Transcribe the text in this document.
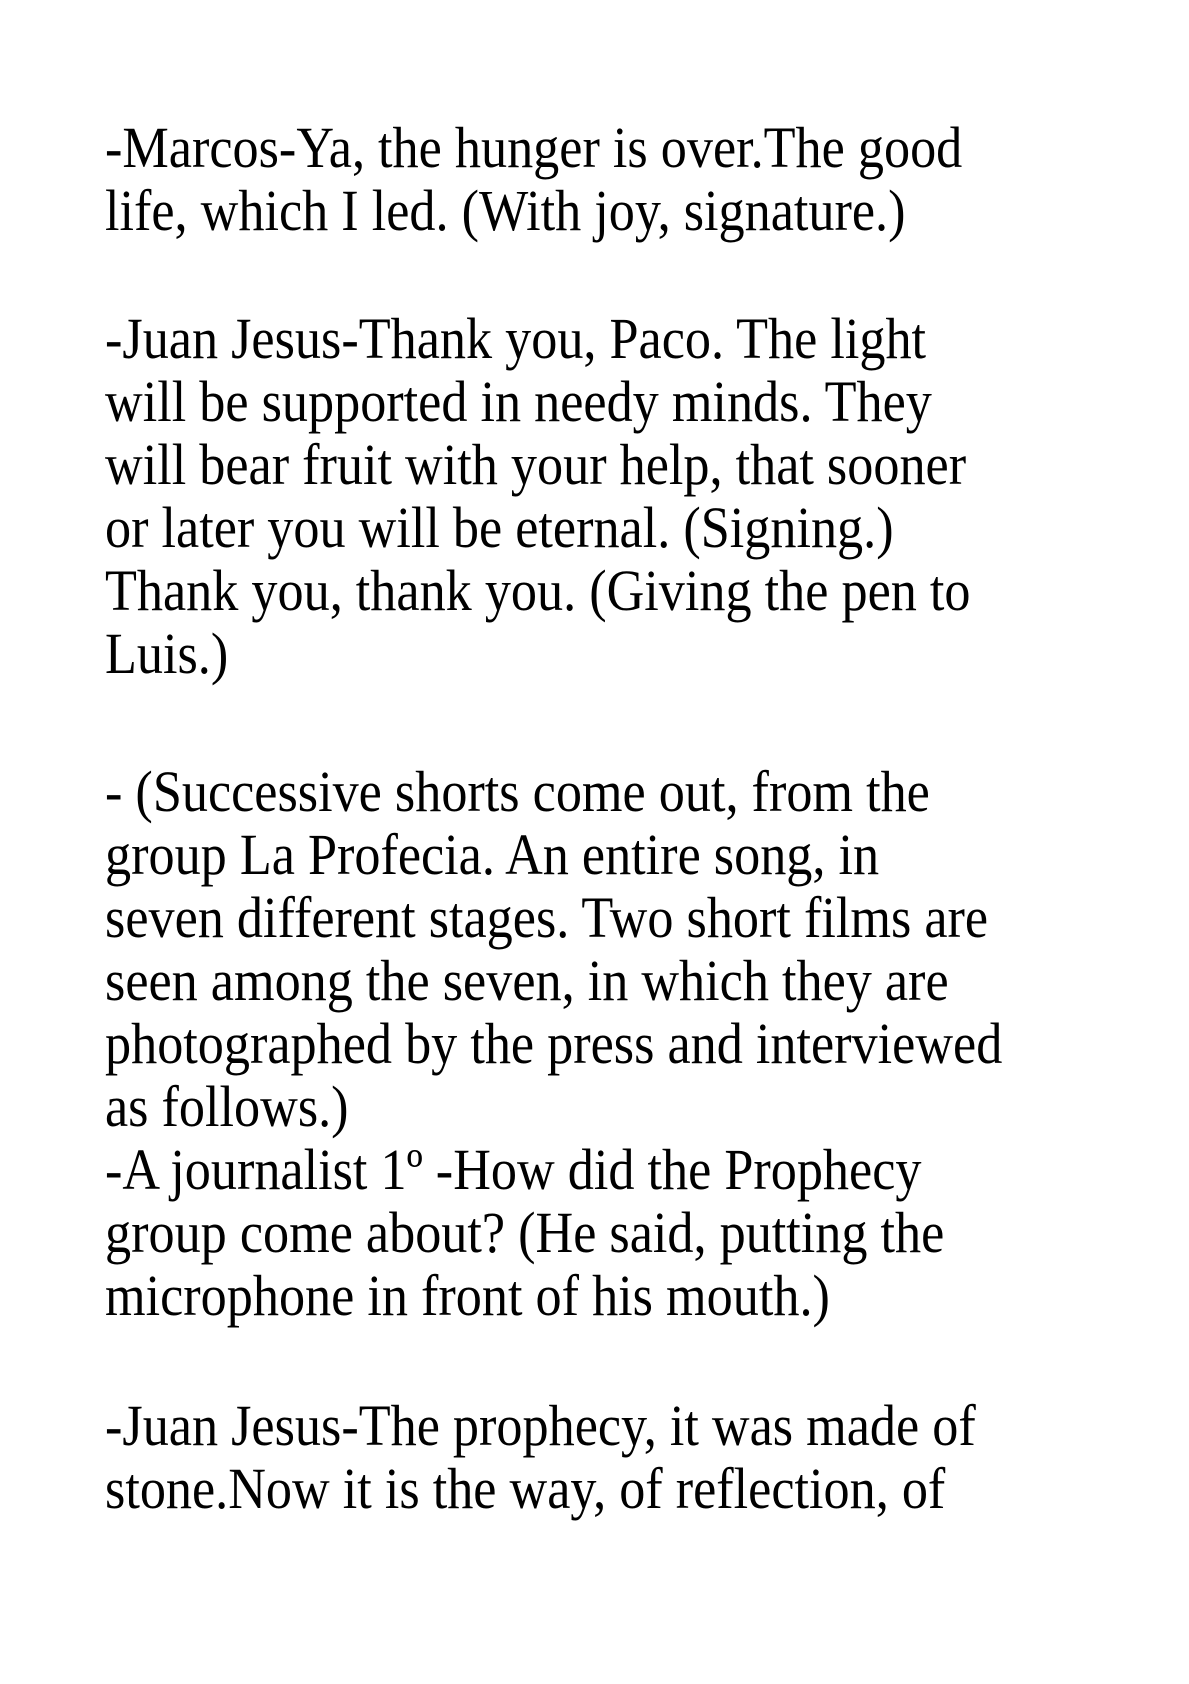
-Marcos-Ya, the hunger is over.The good
life, which I led. (With joy, signature.)
-Juan Jesus-Thank you, Paco. The light
will be supported in needy minds. They
will bear fruit with your help, that sooner
or later you will be eternal. (Signing.)
Thank you, thank you. (Giving the pen to
Luis.)
- (Successive shorts come out, from the
group La Profecia. An entire song, in
seven different stages. Two short films are
seen among the seven, in which they are
photographed by the press and interviewed
as follows.)
-A journalist 1º -How did the Prophecy
group come about? (He said, putting the
microphone in front of his mouth.)
-Juan Jesus-The prophecy, it was made of
stone.Now it is the way, of reflection, of
